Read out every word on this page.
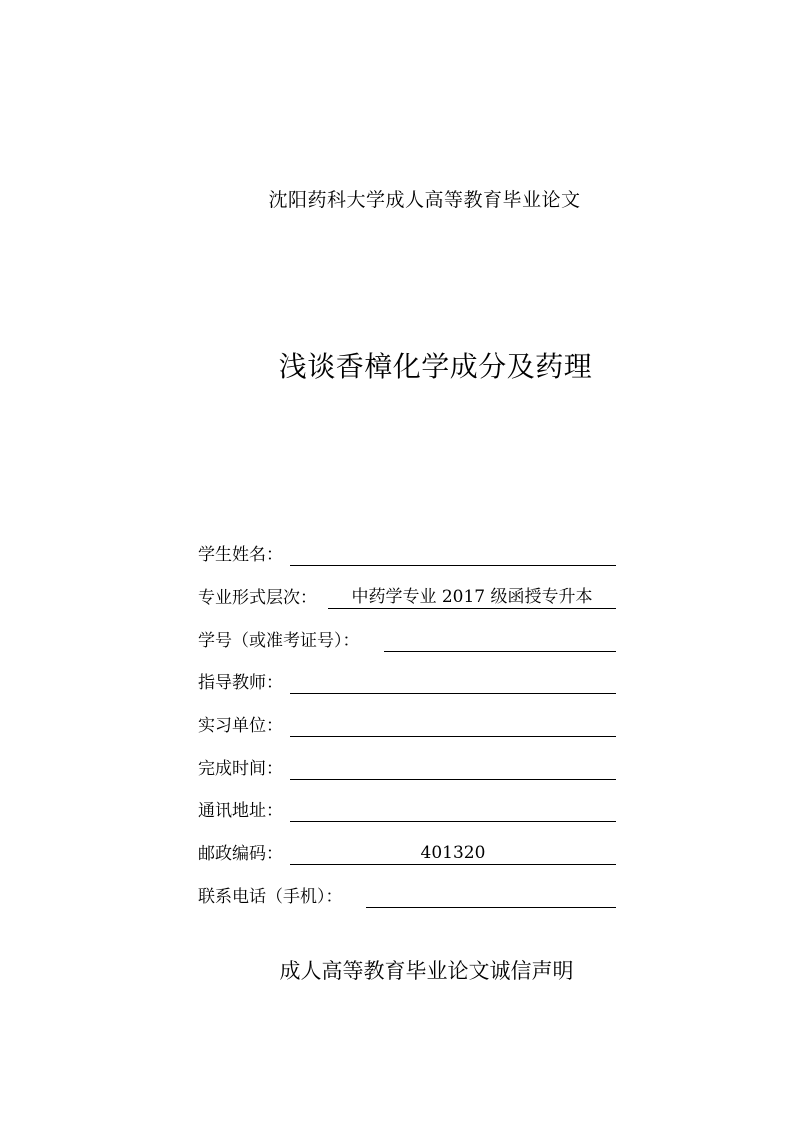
沈阳药科大学成人高等教育毕业论文
浅谈香樟化学成分及药理
学生姓名：
专业形式层次：	中药学专业 2017 级函授专升本
学号（或准考证号）：
指导教师：
实习单位：
完成时间：
通讯地址：
邮政编码：	401320
联系电话（手机）：
成人高等教育毕业论文诚信声明
